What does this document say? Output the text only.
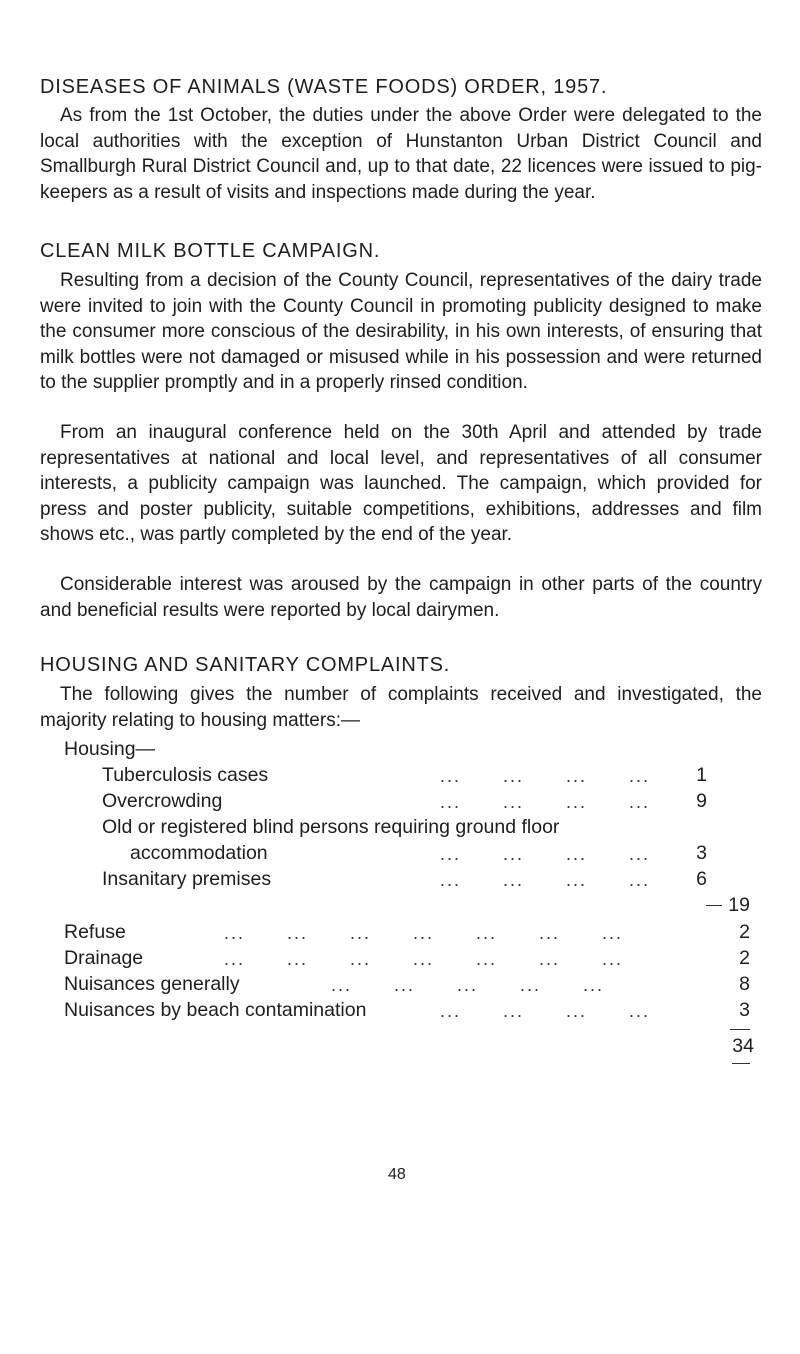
DISEASES OF ANIMALS (WASTE FOODS) ORDER, 1957.
As from the 1st October, the duties under the above Order were delegated to the local authorities with the exception of Hunstanton Urban District Council and Smallburgh Rural District Council and, up to that date, 22 licences were issued to pig-keepers as a result of visits and inspections made during the year.
CLEAN MILK BOTTLE CAMPAIGN.
Resulting from a decision of the County Council, representatives of the dairy trade were invited to join with the County Council in promoting publicity designed to make the consumer more conscious of the desirability, in his own interests, of ensuring that milk bottles were not damaged or misused while in his possession and were returned to the supplier promptly and in a properly rinsed condition.
From an inaugural conference held on the 30th April and attended by trade representatives at national and local level, and representatives of all consumer interests, a publicity campaign was launched. The campaign, which provided for press and poster publicity, suitable competitions, exhibitions, addresses and film shows etc., was partly completed by the end of the year.
Considerable interest was aroused by the campaign in other parts of the country and beneficial results were reported by local dairymen.
HOUSING AND SANITARY COMPLAINTS.
The following gives the number of complaints received and investigated, the majority relating to housing matters:—
Housing—
Tuberculosis cases	...      ...      ...      ...	1
Overcrowding	...      ...      ...      ...	9
Old or registered blind persons requiring ground floor
accommodation	...      ...      ...      ...	3
Insanitary premises	...      ...      ...      ...	6
19
Refuse	...      ...      ...      ...      ...      ...      ...	2
Drainage	...      ...      ...      ...      ...      ...      ...	2
Nuisances generally	...      ...      ...      ...      ...	8
Nuisances by beach contamination	...      ...      ...      ...	3
34
48
